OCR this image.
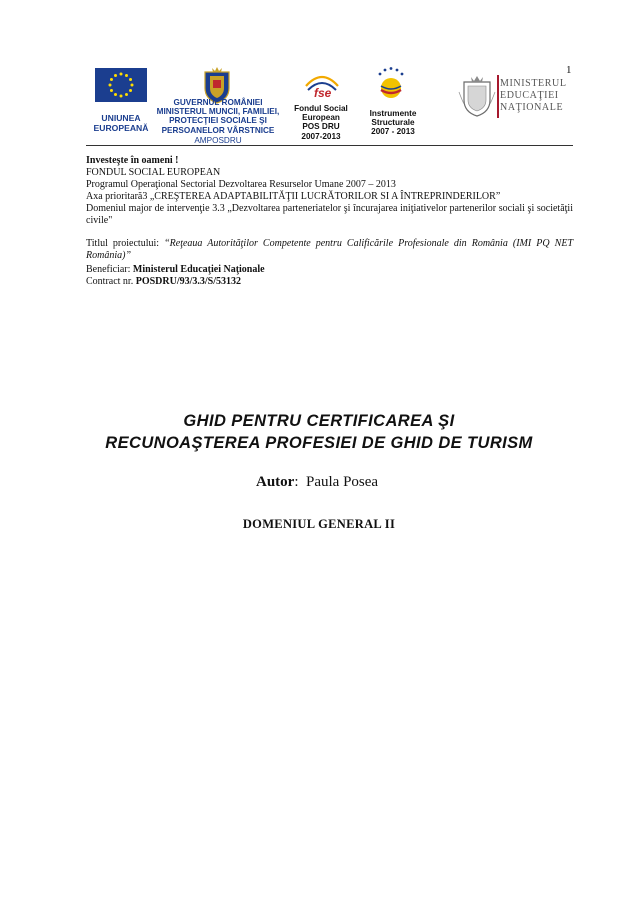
1
UNIUNEA
EUROPEANĂ
GUVERNUL ROMÂNIEI
MINISTERUL MUNCII, FAMILIEI,
PROTECŢIEI SOCIALE ŞI
PERSOANELOR VÂRSTNICE
AMPOSDRU
fse
Fondul Social
European
POS DRU
2007-2013
Instrumente
Structurale
2007 - 2013
MINISTERUL
EDUCAŢIEI
NAŢIONALE
Investeşte în oameni !
FONDUL SOCIAL EUROPEAN
Programul Operaţional Sectorial Dezvoltarea Resurselor Umane 2007 – 2013
Axa prioritară3 „CREŞTEREA ADAPTABILITĂŢII LUCRĂTORILOR SI A ÎNTREPRINDERILOR”
Domeniul major de intervenţie 3.3 „Dezvoltarea parteneriatelor şi încurajarea iniţiativelor partenerilor sociali şi societăţii civile"
Titlul proiectului: “Reţeaua Autorităţilor Competente pentru Calificările Profesionale din România (IMI PQ NET România)”
Beneficiar: Ministerul Educaţiei Naţionale
Contract nr. POSDRU/93/3.3/S/53132
GHID PENTRU CERTIFICAREA ŞI
RECUNOAŞTEREA PROFESIEI DE GHID DE TURISM
Autor:  Paula Posea
DOMENIUL GENERAL II
